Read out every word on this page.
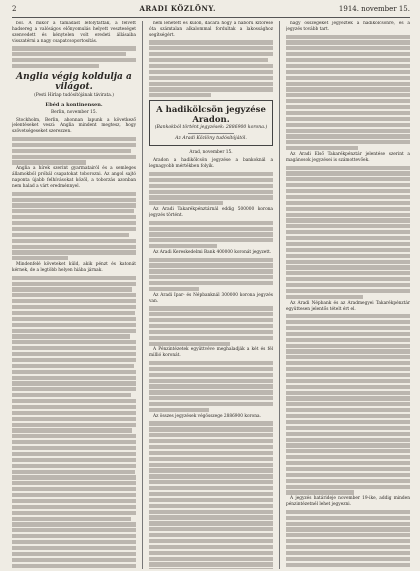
2	ARADI KÖZLÖNY.	1914. november 15.

ból. A mikor a támadást lefolytatták, a felvett hadsereg a valóságos előnyomulás helyett veszteséget szenvedett és kénytelen volt eredeti állásaiba visszatérni a nagy csapatcsoportosítás.

Anglia végig koldulja a világot.
(Pesti Hírlap tudósítójának távirata.)
Ebéd a kontinensen.
Berlin, november 15.

Stockholm, Berlin, ahonnan lapunk a következő jelentéseket veszi: Anglia mindent megtesz, hogy szövetségeseket szerezzen.

Anglia a hírek szerint gyarmatairól és a semleges államokból próbál csapatokat toborozni. Az angol sajtó naponta újabb felhívásokat közöl, a toborzás azonban nem halad a várt eredménnyel.

Mindenfelé követeket küld, akik pénzt és katonát kérnek, de a legtöbb helyen hiába járnak.

nem lehetett és külön, dacára hogy a háború kitörése óta számtalan alkalommal fordultak a lakossághoz segítségért.

A hadikölcsön jegyzése Aradon.
(Bankokból történt jegyzések: 2886900 korona.)
Az Aradi Közlöny tudósítójától.
Arad, november 15.

Aradon a hadikölcsön jegyzése a bankoknál a legnagyobb mértékben folyik.

Az Aradi Takarékpénztárnál eddig 500000 korona jegyzés történt.

Az Aradi Kereskedelmi Bank 400000 koronát jegyzett.

Az Aradi Ipar- és Népbanknál 300000 korona jegyzés van.

A Pénzintézetek együttvéve meghaladják a két és fél millió koronát.

Az összes jegyzések végösszege 2886900 korona.

nagy összegeket jegyeztek a hadikölcsönre, és a jegyzés tovább tart.

Az Aradi Első Takarékpénztár jelentése szerint a magánosok jegyzései is számottevőek.

Az Aradi Népbank és az Aradmegyei Takarékpénztár együttesen jelentős tételt ért el.

A jegyzés határideje november 19-ike, addig minden pénzintézetnél lehet jegyezni.
